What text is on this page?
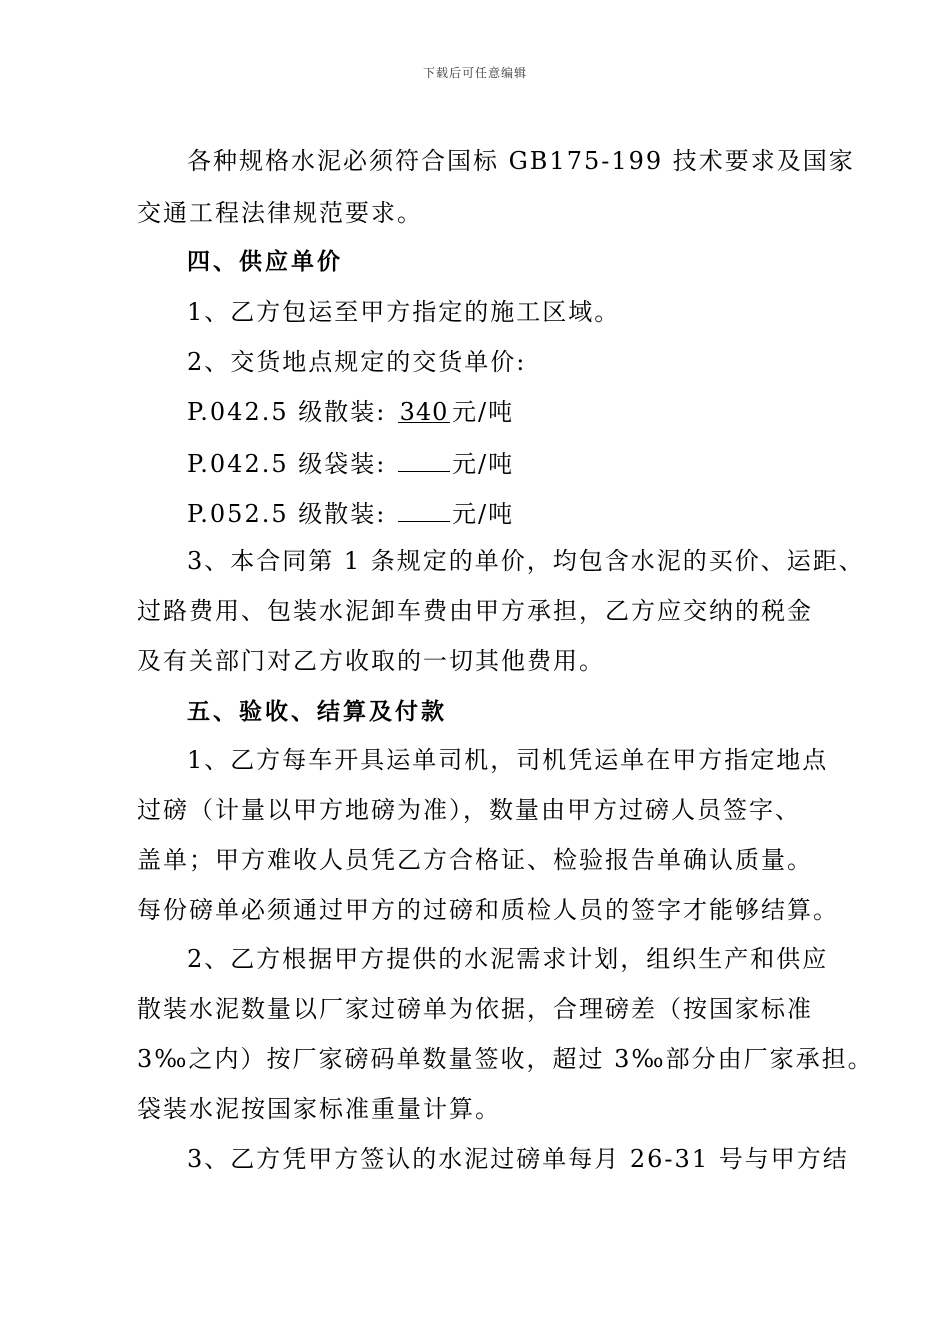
下载后可任意编辑
各种规格水泥必须符合国标 GB175-199 技术要求及国家
交通工程法律规范要求。
四、供应单价
1、乙方包运至甲方指定的施工区域。
2、交货地点规定的交货单价:
P.042.5 级散装: 340 元/吨
P.042.5 级袋装:	元/吨
P.052.5 级散装:	元/吨
3、本合同第 1 条规定的单价，均包含水泥的买价、运距、
过路费用、包装水泥卸车费由甲方承担，乙方应交纳的税金
及有关部门对乙方收取的一切其他费用。
五、验收、结算及付款
1、乙方每车开具运单司机，司机凭运单在甲方指定地点
过磅（计量以甲方地磅为准），数量由甲方过磅人员签字、
盖单；甲方难收人员凭乙方合格证、检验报告单确认质量。
每份磅单必须通过甲方的过磅和质检人员的签字才能够结算。
2、乙方根据甲方提供的水泥需求计划，组织生产和供应
散装水泥数量以厂家过磅单为依据，合理磅差（按国家标准
3‰之内）按厂家磅码单数量签收，超过 3‰部分由厂家承担。
袋装水泥按国家标准重量计算。
3、乙方凭甲方签认的水泥过磅单每月 26-31 号与甲方结
